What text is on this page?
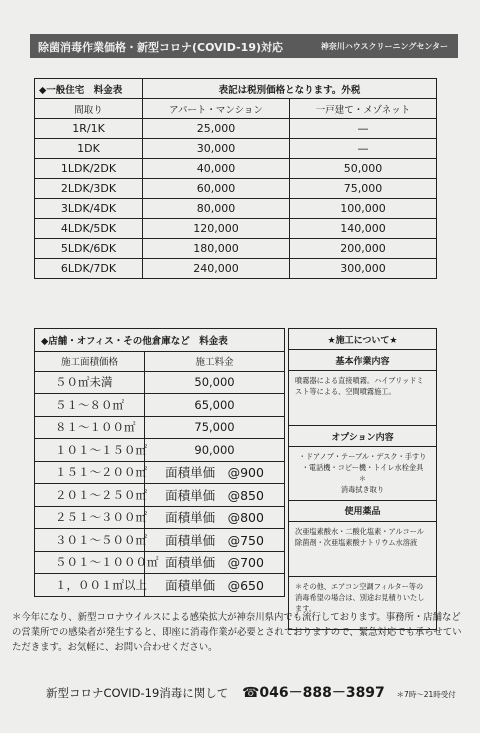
除菌消毒作業価格・新型コロナ(COVID-19)対応	神奈川ハウスクリーニングセンター
◆一般住宅　料金表	表記は税別価格となります。外税	
間取り	アパート・マンション	一戸建て・メゾネット
1R/1K	25,000	—
1DK	30,000	—
1LDK/2DK	40,000	50,000
2LDK/3DK	60,000	75,000
3LDK/4DK	80,000	100,000
4LDK/5DK	120,000	140,000
5LDK/6DK	180,000	200,000
6LDK/7DK	240,000	300,000
◆店舗・オフィス・その他倉庫など　料金表	
施工面積価格	施工料金
５０㎡未満	50,000
５１～８０㎡	65,000
８１～１００㎡	75,000
１０１～１５０㎡	90,000
１５１～２００㎡	面積単価　@900
２０１～２５０㎡	面積単価　@850
２５１～３００㎡	面積単価　@800
３０１～５００㎡	面積単価　@750
５０１～１０００㎡	面積単価　@700
１，００１㎡以上	面積単価　@650
★施工について★
基本作業内容
噴霧器による直接噴霧。ハイブリッドミスト等による、空間噴霧施工。
オプション内容

・ドアノブ・テーブル・デスク・手すり
・電話機・コピー機・トイレ水栓金具　＊
消毒拭き取り

使用薬品
次亜塩素酸水・二酸化塩素・アルコール除菌剤・次亜塩素酸ナトリウム水溶液
＊その他、エアコン空調フィルター等の消毒希望の場合は、別途お見積りいたします。
＊今年になり、新型コロナウイルスによる感染拡大が神奈川県内でも流行しております。事務所・店舗などの営業所での感染者が発生すると、即座に消毒作業が必要とされておりますので、緊急対応でも承らせていただきます。お気軽に、お問い合わせください。
新型コロナCOVID-19消毒に関して ☎046－888－3897 ＊7時～21時受付
